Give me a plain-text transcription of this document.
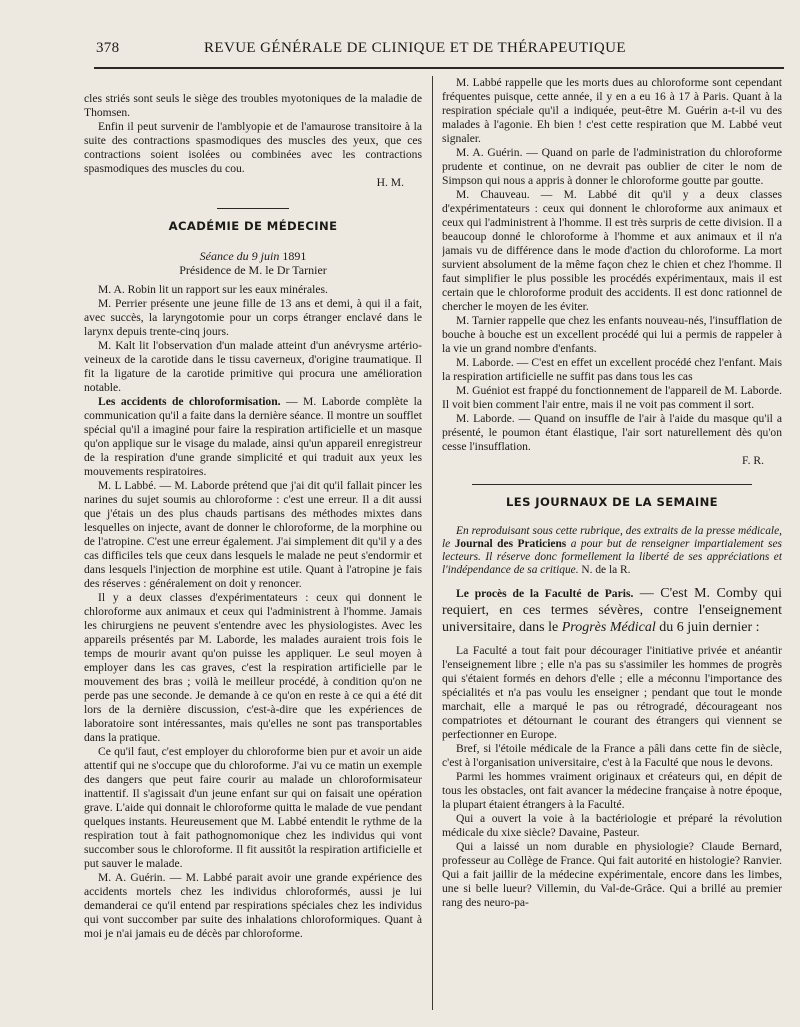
378	REVUE GÉNÉRALE DE CLINIQUE ET DE THÉRAPEUTIQUE

cles striés sont seuls le siège des troubles myotoniques de la maladie de Thomsen.

Enfin il peut survenir de l'amblyopie et de l'amaurose transitoire à la suite des contractions spasmodiques des muscles des yeux, que ces contractions soient isolées ou combinées avec les contractions spasmodiques des muscles du cou.

H. M.

ACADÉMIE DE MÉDECINE

Séance du 9 juin 1891

Présidence de M. le Dr Tarnier

M. A. Robin lit un rapport sur les eaux minérales.

M. Perrier présente une jeune fille de 13 ans et demi, à qui il a fait, avec succès, la laryngotomie pour un corps étranger enclavé dans le larynx depuis trente-cinq jours.

M. Kalt lit l'observation d'un malade atteint d'un anévrysme artério-veineux de la carotide dans le tissu caverneux, d'origine traumatique. Il fit la ligature de la carotide primitive qui procura une amélioration notable.

Les accidents de chloroformisation. — M. Laborde complète la communication qu'il a faite dans la dernière séance. Il montre un soufflet spécial qu'il a imaginé pour faire la respiration artificielle et un masque qu'on applique sur le visage du malade, ainsi qu'un appareil enregistreur de la respiration d'une grande simplicité et qui traduit aux yeux les mouvements respiratoires.

M. L Labbé. — M. Laborde prétend que j'ai dit qu'il fallait pincer les narines du sujet soumis au chloroforme : c'est une erreur. Il a dit aussi que j'étais un des plus chauds partisans des méthodes mixtes dans lesquelles on injecte, avant de donner le chloroforme, de la morphine ou de l'atropine. C'est une erreur également. J'ai simplement dit qu'il y a des cas difficiles tels que ceux dans lesquels le malade ne peut s'endormir et dans lesquels l'injection de morphine est utile. Quant à l'atropine je fais des réserves : généralement on doit y renoncer.

Il y a deux classes d'expérimentateurs : ceux qui donnent le chloroforme aux animaux et ceux qui l'administrent à l'homme. Jamais les chirurgiens ne peuvent s'entendre avec les physiologistes. Avec les appareils présentés par M. Laborde, les malades auraient trois fois le temps de mourir avant qu'on puisse les appliquer. Le seul moyen à employer dans les cas graves, c'est la respiration artificielle par le mouvement des bras ; voilà le meilleur procédé, à condition qu'on ne perde pas une seconde. Je demande à ce qu'on en reste à ce qui a été dit lors de la dernière discussion, c'est-à-dire que les expériences de laboratoire sont intéressantes, mais qu'elles ne sont pas transportables dans la pratique.

Ce qu'il faut, c'est employer du chloroforme bien pur et avoir un aide attentif qui ne s'occupe que du chloroforme. J'ai vu ce matin un exemple des dangers que peut faire courir au malade un chloroformisateur inattentif. Il s'agissait d'un jeune enfant sur qui on faisait une opération grave. L'aide qui donnait le chloroforme quitta le malade de vue pendant quelques instants. Heureusement que M. Labbé entendit le rythme de la respiration tout à fait pathognomonique chez les individus qui vont succomber sous le chloroforme. Il fit aussitôt la respiration artificielle et put sauver le malade.

M. A. Guérin. — M. Labbé parait avoir une grande expérience des accidents mortels chez les individus chloroformés, aussi je lui demanderai ce qu'il entend par respirations spéciales chez les individus qui vont succomber par suite des inhalations chloroformiques. Quant à moi je n'ai jamais eu de décès par chloroforme.

M. Labbé rappelle que les morts dues au chloroforme sont cependant fréquentes puisque, cette année, il y en a eu 16 à 17 à Paris. Quant à la respiration spéciale qu'il a indiquée, peut-être M. Guérin a-t-il vu des malades à l'agonie. Eh bien ! c'est cette respiration que M. Labbé veut signaler.

M. A. Guérin. — Quand on parle de l'administration du chloroforme prudente et continue, on ne devrait pas oublier de citer le nom de Simpson qui nous a appris à donner le chloroforme goutte par goutte.

M. Chauveau. — M. Labbé dit qu'il y a deux classes d'expérimentateurs : ceux qui donnent le chloroforme aux animaux et ceux qui l'administrent à l'homme. Il est très surpris de cette division. Il a beaucoup donné le chloroforme à l'homme et aux animaux et il n'a jamais vu de différence dans le mode d'action du chloroforme. La mort survient absolument de la même façon chez le chien et chez l'homme. Il faut simplifier le plus possible les procédés expérimentaux, mais il est certain que le chloroforme produit des accidents. Il est donc rationnel de chercher le moyen de les éviter.

M. Tarnier rappelle que chez les enfants nouveau-nés, l'insufflation de bouche à bouche est un excellent procédé qui lui a permis de rappeler à la vie un grand nombre d'enfants.

M. Laborde. — C'est en effet un excellent procédé chez l'enfant. Mais la respiration artificielle ne suffit pas dans tous les cas

M. Guéniot est frappé du fonctionnement de l'appareil de M. Laborde. Il voit bien comment l'air entre, mais il ne voit pas comment il sort.

M. Laborde. — Quand on insuffle de l'air à l'aide du masque qu'il a présenté, le poumon étant élastique, l'air sort naturellement dès qu'on cesse l'insufflation.

F. R.

LES JOURNAUX DE LA SEMAINE

En reproduisant sous cette rubrique, des extraits de la presse médicale, le Journal des Praticiens a pour but de renseigner impartialement ses lecteurs. Il réserve donc formellement la liberté de ses appréciations et l'indépendance de sa critique. N. de la R.

Le procès de la Faculté de Paris. — C'est M. Comby qui requiert, en ces termes sévères, contre l'enseignement universitaire, dans le Progrès Médical du 6 juin dernier :

La Faculté a tout fait pour décourager l'initiative privée et anéantir l'enseignement libre ; elle n'a pas su s'assimiler les hommes de progrès qui s'étaient formés en dehors d'elle ; elle a méconnu l'importance des spécialités et n'a pas voulu les enseigner ; pendant que tout le monde marchait, elle a marqué le pas ou rétrogradé, décourageant nos compatriotes et détournant le courant des étrangers qui viennent se perfectionner en Europe.

Bref, si l'étoile médicale de la France a pâli dans cette fin de siècle, c'est à l'organisation universitaire, c'est à la Faculté que nous le devons.

Parmi les hommes vraiment originaux et créateurs qui, en dépit de tous les obstacles, ont fait avancer la médecine française à notre époque, la plupart étaient étrangers à la Faculté.

Qui a ouvert la voie à la bactériologie et préparé la révolution médicale du xixe siècle? Davaine, Pasteur.

Qui a laissé un nom durable en physiologie? Claude Bernard, professeur au Collège de France. Qui fait autorité en histologie? Ranvier. Qui a fait jaillir de la médecine expérimentale, encore dans les limbes, une si belle lueur? Villemin, du Val-de-Grâce. Qui a brillé au premier rang des neuro-pa-
